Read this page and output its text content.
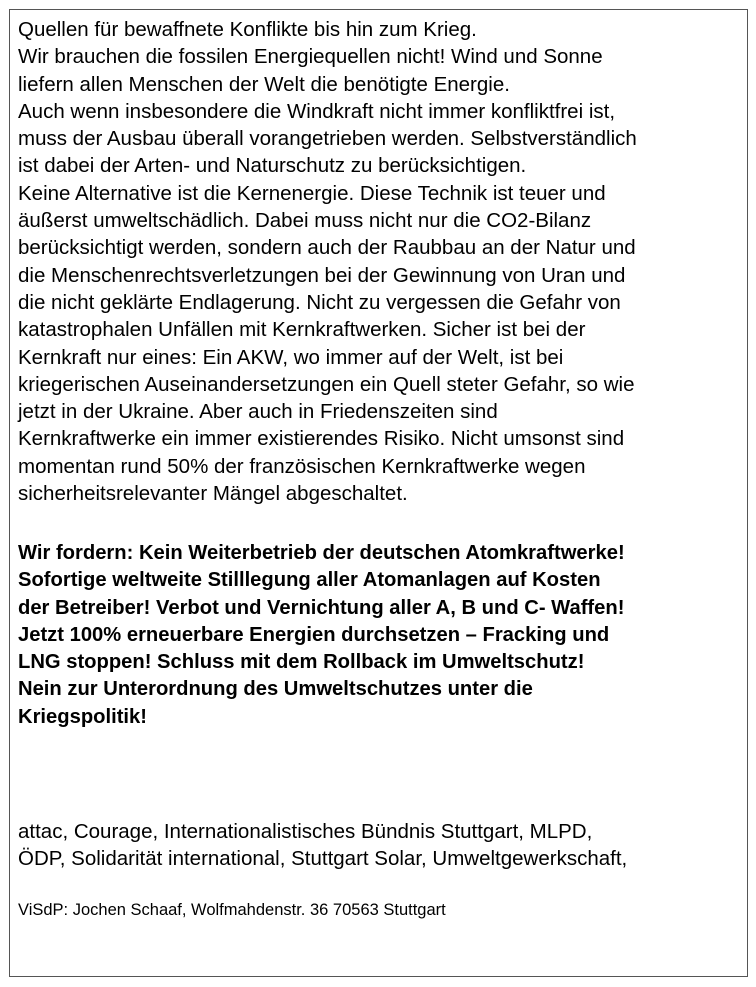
Quellen für bewaffnete Konflikte bis hin zum Krieg.
Wir brauchen die fossilen Energiequellen nicht! Wind und Sonne
liefern allen Menschen der Welt die benötigte Energie.
Auch wenn insbesondere die Windkraft nicht immer konfliktfrei ist,
muss der Ausbau überall vorangetrieben werden. Selbstverständlich
ist dabei der Arten- und Naturschutz zu berücksichtigen.
Keine Alternative ist die Kernenergie. Diese Technik ist teuer und
äußerst umweltschädlich. Dabei muss nicht nur die CO2-Bilanz
berücksichtigt werden, sondern auch der Raubbau an der Natur und
die Menschenrechtsverletzungen bei der Gewinnung von Uran und
die nicht geklärte Endlagerung. Nicht zu vergessen die Gefahr von
katastrophalen Unfällen mit Kernkraftwerken. Sicher ist bei der
Kernkraft nur eines: Ein AKW, wo immer auf der Welt, ist bei
kriegerischen Auseinandersetzungen ein Quell steter Gefahr, so wie
jetzt in der Ukraine. Aber auch in Friedenszeiten sind
Kernkraftwerke ein immer existierendes Risiko. Nicht umsonst sind
momentan rund 50% der französischen Kernkraftwerke wegen
sicherheitsrelevanter Mängel abgeschaltet.

Wir fordern: Kein Weiterbetrieb der deutschen Atomkraftwerke!
Sofortige weltweite Stilllegung aller Atomanlagen auf Kosten
der Betreiber! Verbot und Vernichtung aller A, B und C- Waffen!
Jetzt 100% erneuerbare Energien durchsetzen – Fracking und
LNG stoppen! Schluss mit dem Rollback im Umweltschutz!
Nein zur Unterordnung des Umweltschutzes unter die
Kriegspolitik!

attac, Courage, Internationalistisches Bündnis Stuttgart, MLPD,
ÖDP, Solidarität international, Stuttgart Solar, Umweltgewerkschaft,
ViSdP: Jochen Schaaf, Wolfmahdenstr. 36 70563 Stuttgart
